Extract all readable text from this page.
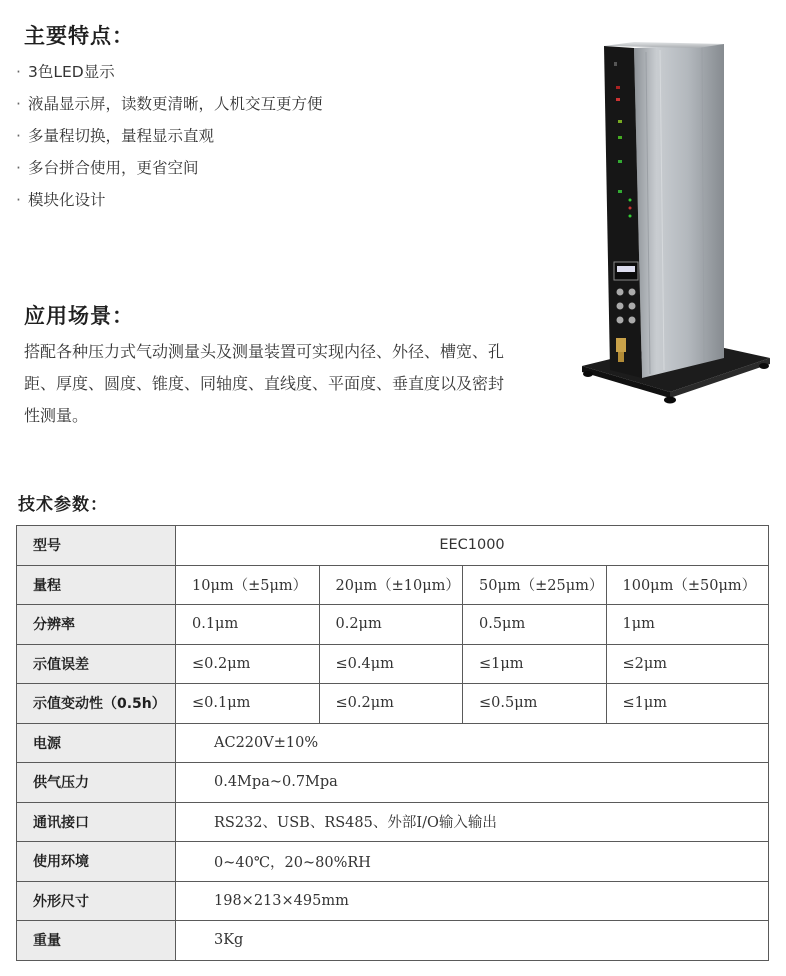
主要特点：
· 3色LED显示
· 液晶显示屏，读数更清晰，人机交互更方便
· 多量程切换，量程显示直观
· 多台拼合使用，更省空间
· 模块化设计
应用场景：
搭配各种压力式气动测量头及测量装置可实现内径、外径、槽宽、孔距、厚度、圆度、锥度、同轴度、直线度、平面度、垂直度以及密封性测量。
技术参数：
型号	EEC1000			
量程	10μm（±5μm）	20μm（±10μm）	50μm（±25μm）	100μm（±50μm）
分辨率	0.1μm	0.2μm	0.5μm	1μm
示值误差	≤0.2μm	≤0.4μm	≤1μm	≤2μm
示值变动性（0.5h）	≤0.1μm	≤0.2μm	≤0.5μm	≤1μm
电源	AC220V±10%			
供气压力	0.4Mpa~0.7Mpa			
通讯接口	RS232、USB、RS485、外部I/O输入输出			
使用环境	0~40℃，20~80%RH			
外形尺寸	198×213×495mm			
重量	3Kg			
